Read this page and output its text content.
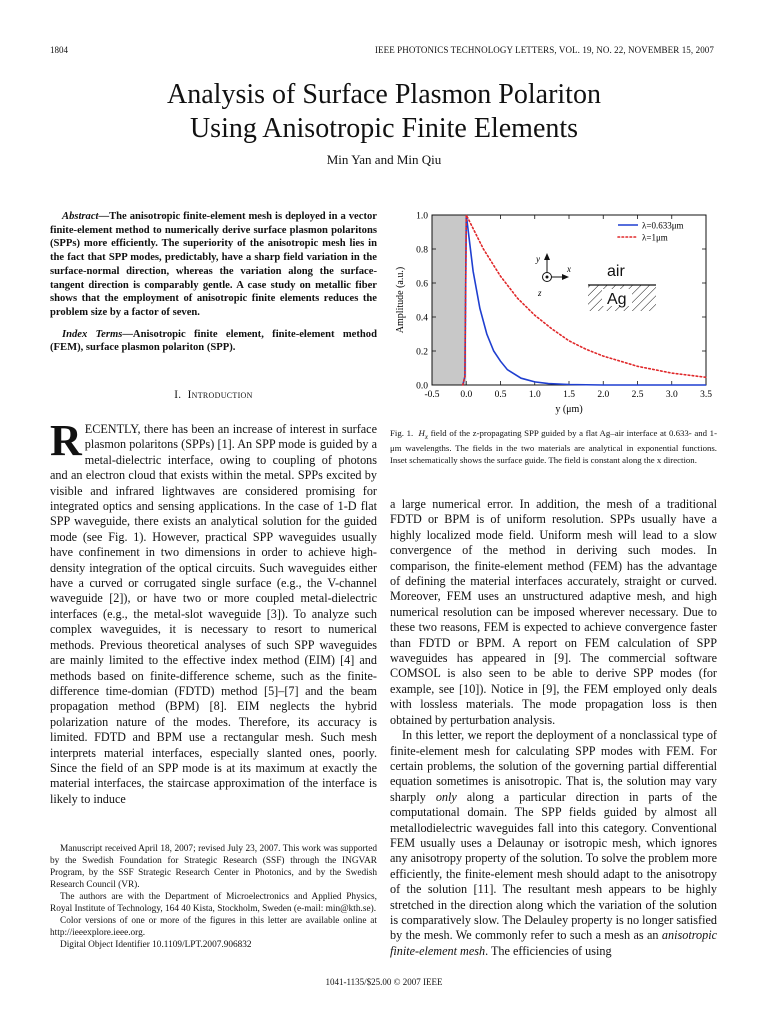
1804	IEEE PHOTONICS TECHNOLOGY LETTERS, VOL. 19, NO. 22, NOVEMBER 15, 2007
Analysis of Surface Plasmon Polariton
Using Anisotropic Finite Elements
Min Yan and Min Qiu

Abstract—The anisotropic finite-element mesh is deployed in a vector finite-element method to numerically derive surface plasmon polaritons (SPPs) more efficiently. The superiority of the anisotropic mesh lies in the fact that SPP modes, predictably, have a sharp field variation in the surface-normal direction, whereas the variation along the surface-tangent direction is comparably gentle. A case study on metallic fiber shows that the employment of anisotropic finite elements reduces the problem size by a factor of seven.

Index Terms—Anisotropic finite element, finite-element method (FEM), surface plasmon polariton (SPP).

I. Introduction

RECENTLY, there has been an increase of interest in surface plasmon polaritons (SPPs) [1]. An SPP mode is guided by a metal-dielectric interface, owing to coupling of photons and an electron cloud that exists within the metal. SPPs excited by visible and infrared lightwaves are considered promising for integrated optics and sensing applications. In the case of 1-D flat SPP waveguide, there exists an analytical solution for the guided mode (see Fig. 1). However, practical SPP waveguides usually have confinement in two dimensions in order to achieve high-density integration of the optical circuits. Such waveguides either have a curved or corrugated single surface (e.g., the V-channel waveguide [2]), or have two or more coupled metal-dielectric interfaces (e.g., the metal-slot waveguide [3]). To analyze such complex waveguides, it is necessary to resort to numerical methods. Previous theoretical analyses of such SPP waveguides are mainly limited to the effective index method (EIM) [4] and methods based on finite-difference scheme, such as the finite-difference time-domian (FDTD) method [5]–[7] and the beam propagation method (BPM) [8]. EIM neglects the hybrid polarization nature of the modes. Therefore, its accuracy is limited. FDTD and BPM use a rectangular mesh. Such mesh interprets material interfaces, especially slanted ones, poorly. Since the field of an SPP mode is at its maximum at exactly the material interfaces, the staircase approximation of the interface is likely to induce

Manuscript received April 18, 2007; revised July 23, 2007. This work was supported by the Swedish Foundation for Strategic Research (SSF) through the INGVAR Program, by the SSF Strategic Research Center in Photonics, and by the Swedish Research Council (VR).

The authors are with the Department of Microelectronics and Applied Physics, Royal Institute of Technology, 164 40 Kista, Stockholm, Sweden (e-mail: min@kth.se).

Color versions of one or more of the figures in this letter are available online at http://ieeexplore.ieee.org.

Digital Object Identifier 10.1109/LPT.2007.906832

-0.5 0.0 0.5 1.0 1.5 2.0 2.5 3.0 3.5
0.0
0.2
0.4
0.6
0.8
1.0
y (μm)
Amplitude (a.u.)
λ=0.633μm
λ=1μm
Ag
air
y
x
z
Fig. 1. $H_x$ field of the z-propagating SPP guided by a flat Ag–air interface at 0.633- and 1-μm wavelengths. The fields in the two materials are analytical in exponential functions. Inset schematically shows the surface guide. The field is constant along the x direction.

a large numerical error. In addition, the mesh of a traditional FDTD or BPM is of uniform resolution. SPPs usually have a highly localized mode field. Uniform mesh will lead to a slow convergence of the method in deriving such modes. In comparison, the finite-element method (FEM) has the advantage of defining the material interfaces accurately, straight or curved. Moreover, FEM uses an unstructured adaptive mesh, and high numerical resolution can be imposed wherever necessary. Due to these two reasons, FEM is expected to achieve convergence faster than FDTD or BPM. A report on FEM calculation of SPP waveguides has appeared in [9]. The commercial software COMSOL is also seen to be able to derive SPP modes (for example, see [10]). Notice in [9], the FEM employed only deals with lossless materials. The mode propagation loss is then obtained by perturbation analysis.

In this letter, we report the deployment of a nonclassical type of finite-element mesh for calculating SPP modes with FEM. For certain problems, the solution of the governing partial differential equation sometimes is anisotropic. That is, the solution may vary sharply only along a particular direction in parts of the computational domain. The SPP fields guided by almost all metallodielectric waveguides fall into this category. Conventional FEM usually uses a Delaunay or isotropic mesh, which ignores any anisotropy property of the solution. To solve the problem more efficiently, the finite-element mesh should adapt to the anisotropy of the solution [11]. The resultant mesh appears to be highly stretched in the direction along which the variation of the solution is comparatively slow. The Delauley property is no longer satisfied by the mesh. We commonly refer to such a mesh as an anisotropic finite-element mesh. The efficiencies of using

1041-1135/$25.00 © 2007 IEEE
